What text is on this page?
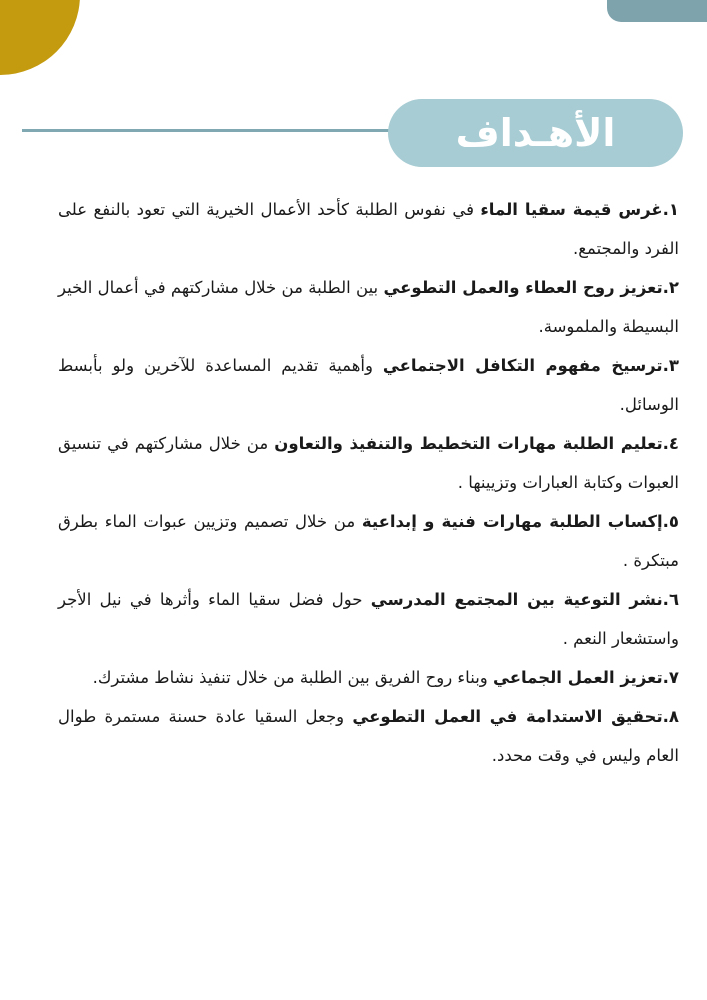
الأهـداف
١.غرس قيمة سقيا الماء في نفوس الطلبة كأحد الأعمال الخيرية التي تعود بالنفع على الفرد والمجتمع.
٢.تعزيز روح العطاء والعمل التطوعي بين الطلبة من خلال مشاركتهم في أعمال الخير البسيطة والملموسة.
٣.ترسيخ مفهوم التكافل الاجتماعي وأهمية تقديم المساعدة للآخرين ولو بأبسط الوسائل.
٤.تعليم الطلبة مهارات التخطيط والتنفيذ والتعاون من خلال مشاركتهم في تنسيق العبوات وكتابة العبارات وتزيينها .
٥.إكساب الطلبة مهارات فنية و إبداعية من خلال تصميم وتزيين عبوات الماء بطرق مبتكرة .
٦.نشر التوعية بين المجتمع المدرسي حول فضل سقيا الماء وأثرها في نيل الأجر واستشعار النعم .
٧.تعزيز العمل الجماعي وبناء روح الفريق بين الطلبة من خلال تنفيذ نشاط مشترك.
٨.تحقيق الاستدامة في العمل التطوعي وجعل السقيا عادة حسنة مستمرة طوال العام وليس في وقت محدد.
